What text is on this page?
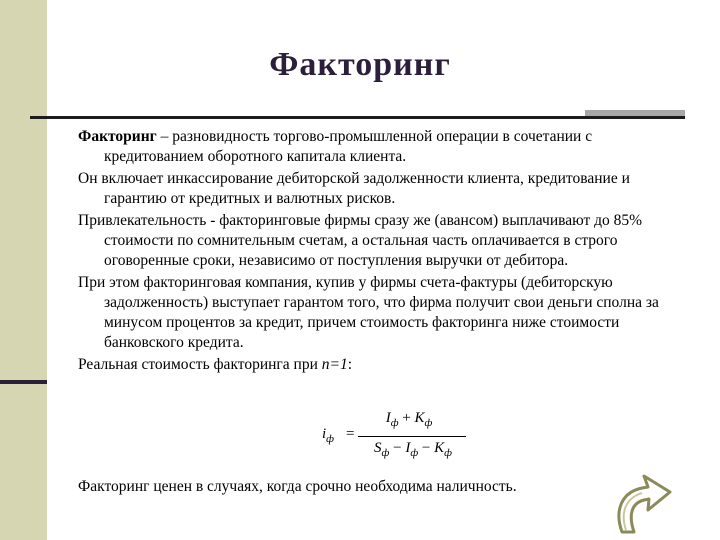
Факторинг

Факторинг – разновидность торгово-промышленной операции в сочетании с кредитованием оборотного капитала клиента.

Он включает инкассирование дебиторской задолженности клиента, кредитование и гарантию от кредитных и валютных рисков.

Привлекательность - факторинговые фирмы сразу же (авансом) выплачивают до 85% стоимости по сомнительным счетам, а остальная часть оплачивается в строго оговоренные сроки, независимо от поступления выручки от дебитора.

При этом факторинговая компания, купив у фирмы счета-фактуры (дебиторскую задолженность) выступает гарантом того, что фирма получит свои деньги сполна за минусом процентов за кредит, причем стоимость факторинга ниже стоимости банковского кредита.

Реальная стоимость факторинга при n=1:

$i_ф$ =
$I_ф + K_ф$
$S_ф - I_ф - K_ф$
Факторинг ценен в случаях, когда срочно необходима наличность.
